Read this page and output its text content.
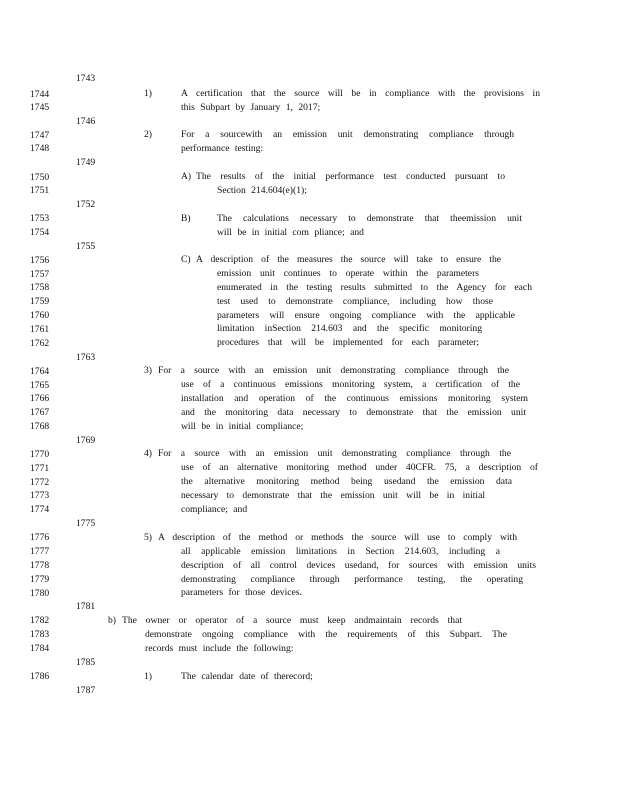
1743
1744
1745
1746
1747
1748
1749
1750
1751
1752
1753
1754
1755
1756
1757
1758
1759
1760
1761
1762
1763
1764
1765
1766
1767
1768
1769
1770
1771
1772
1773
1774
1775
1776
1777
1778
1779
1780
1781
1782
1783
1784
1785
1786
1787
1)	A certification that the source will be in compliance with the provisions in
this Subpart by January 1, 2017;
2)	For a sourcewith an emission unit demonstrating compliance through
performance testing:
A) The results of the initial performance test conducted pursuant to
Section 214.604(e)(1);
B)	The calculations necessary to demonstrate that theemission unit
will be in initial com pliance; and
C) A description of the measures the source will take to ensure the
emission unit continues to operate within the parameters
enumerated in the testing results submitted to the Agency for each
test used to demonstrate compliance, including how those
parameters will ensure ongoing compliance with the applicable
limitation inSection 214.603 and the specific monitoring
procedures that will be implemented for each parameter;
3) For a source with an emission unit demonstrating compliance through the
use of a continuous emissions monitoring system, a certification of the
installation and operation of the continuous emissions monitoring system
and the monitoring data necessary to demonstrate that the emission unit
will be in initial compliance;
4) For a source with an emission unit demonstrating compliance through the
use of an alternative monitoring method under 40CFR. 75, a description of
the alternative monitoring method being usedand the emission data
necessary to demonstrate that the emission unit will be in initial
compliance; and
5) A description of the method or methods the source will use to comply with
all applicable emission limitations in Section 214.603, including a
description of all control devices usedand, for sources with emission units
demonstrating compliance through performance testing, the operating
parameters for those devices.
b) The owner or operator of a source must keep andmaintain records that
demonstrate ongoing compliance with the requirements of this Subpart. The
records must include the following:
1)	The calendar date of therecord;
